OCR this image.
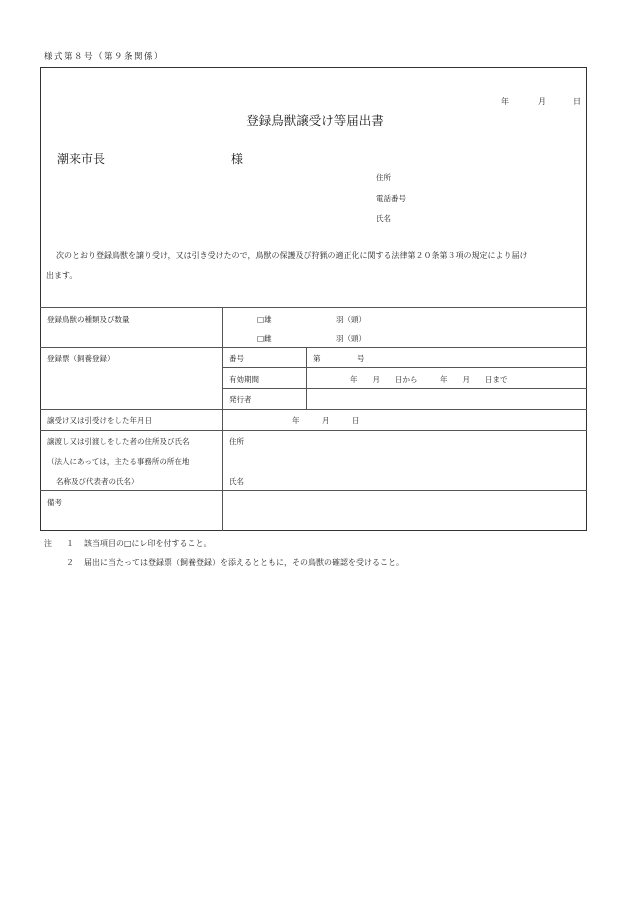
様式第８号（第９条関係）
年	月	日
登録鳥獣譲受け等届出書
潮来市長	様
住所
電話番号
氏名
次のとおり登録鳥獣を譲り受け，又は引き受けたので，鳥獣の保護及び狩猟の適正化に関する法律第２０条第３項の規定により届け
出ます。
登録鳥獣の種類及び数量	□雄	羽（頭）
□雌	羽（頭）
登録票（飼養登録）	番号	第	号
有効期間	年　　月　　日から　　　年　　月　　日まで
発行者
譲受け又は引受けをした年月日	年　　　月　　　日
譲渡し又は引渡しをした者の住所及び氏名
（法人にあっては，主たる事務所の所在地
名称及び代表者の氏名）
住所
氏名
備考
注 １ 該当項目の□にレ印を付すること。
２ 届出に当たっては登録票（飼養登録）を添えるとともに，その鳥獣の確認を受けること。
